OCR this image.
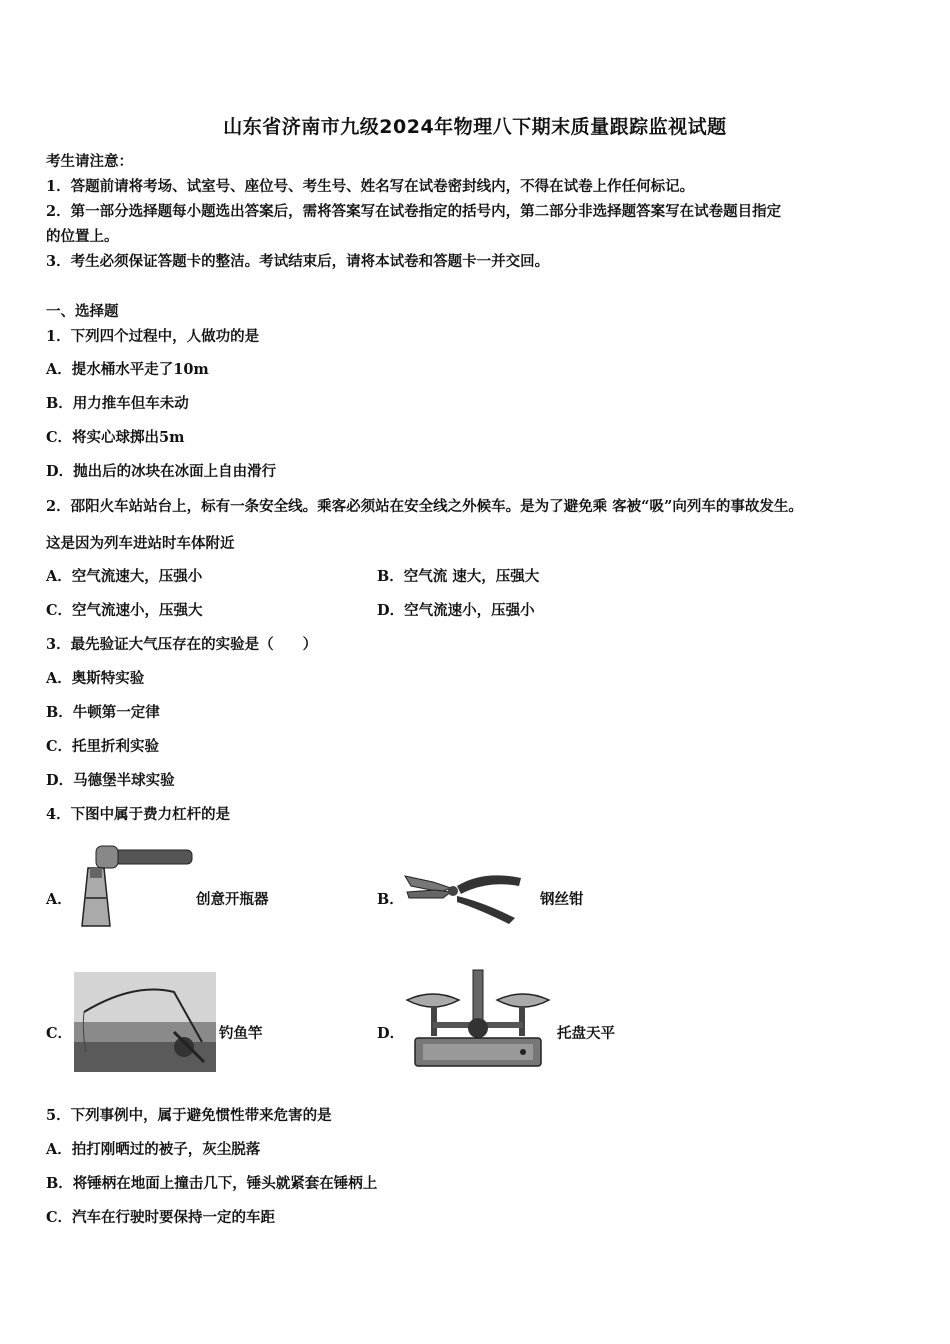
山东省济南市九级2024年物理八下期末质量跟踪监视试题
考生请注意：
1．答题前请将考场、试室号、座位号、考生号、姓名写在试卷密封线内，不得在试卷上作任何标记。
2．第一部分选择题每小题选出答案后，需将答案写在试卷指定的括号内，第二部分非选择题答案写在试卷题目指定
的位置上。
3．考生必须保证答题卡的整洁。考试结束后，请将本试卷和答题卡一并交回。
一、选择题
1．下列四个过程中，人做功的是
A．提水桶水平走了10m
B．用力推车但车未动
C．将实心球掷出5m
D．抛出后的冰块在冰面上自由滑行
2．邵阳火车站站台上，标有一条安全线。乘客必须站在安全线之外候车。是为了避免乘 客被“吸”向列车的事故发生。
这是因为列车进站时车体附近
A．空气流速大，压强小	B．空气流 速大，压强大
C．空气流速小，压强大	D．空气流速小，压强小
3．最先验证大气压存在的实验是（　　）
A．奥斯特实验
B．牛顿第一定律
C．托里折利实验
D．马德堡半球实验
4．下图中属于费力杠杆的是
A．	创意开瓶器	B．	钢丝钳
C．	钓鱼竿	D．	托盘天平
5．下列事例中，属于避免惯性带来危害的是
A．拍打刚晒过的被子，灰尘脱落
B．将锤柄在地面上撞击几下，锤头就紧套在锤柄上
C．汽车在行驶时要保持一定的车距
